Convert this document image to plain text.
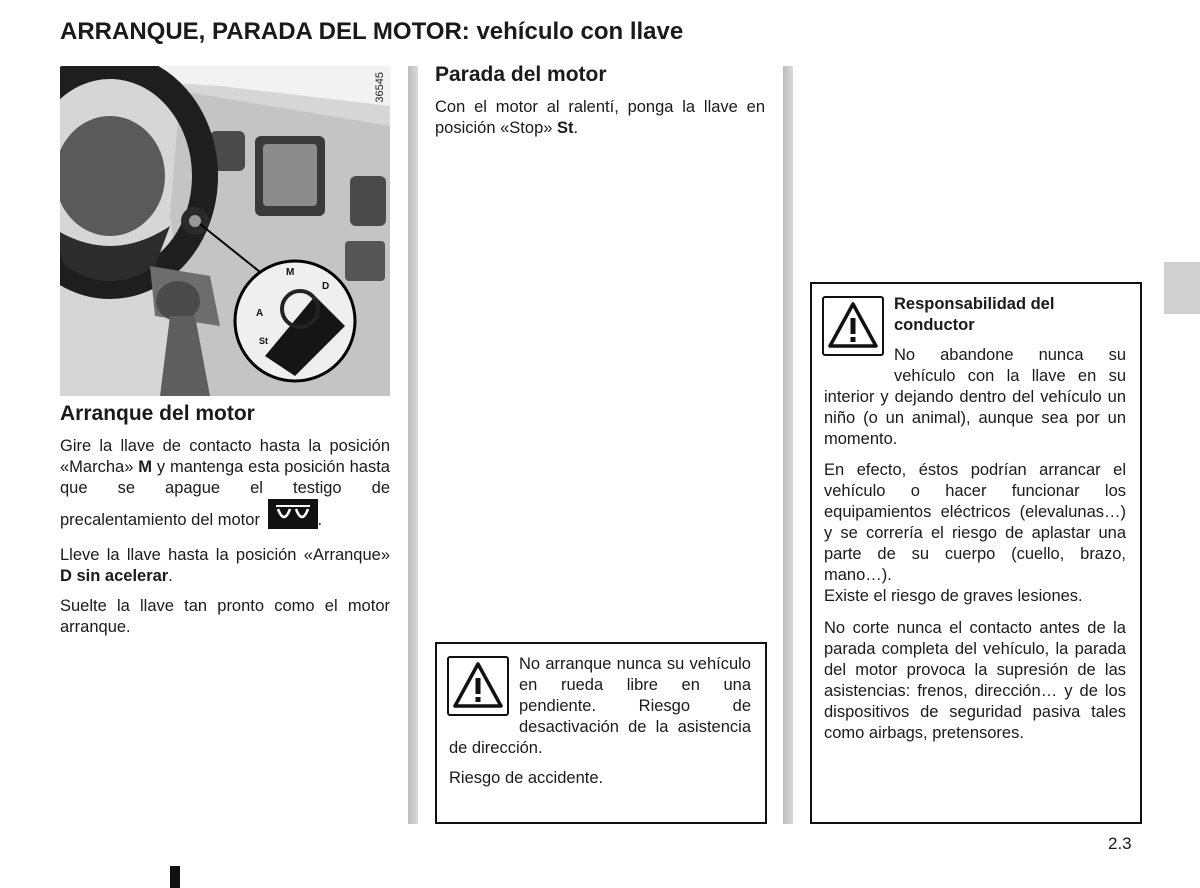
ARRANQUE, PARADA DEL MOTOR: vehículo con llave
M
D
A
St
36545
Arranque del motor

Gire la llave de contacto hasta la posición «Marcha» M y mantenga esta posición hasta que se apague el testigo de precalentamiento del motor	.

Lleve la llave hasta la posición «Arranque» D sin acelerar.

Suelte la llave tan pronto como el motor arranque.

Parada del motor

Con el motor al ralentí, ponga la llave en posición «Stop» St.

No arranque nunca su vehículo en rueda libre en una pendiente. Riesgo de desactivación de la asistencia de dirección.

Riesgo de accidente.

Responsabilidad del conductor

No abandone nunca su vehículo con la llave en su interior y dejando dentro del vehículo un niño (o un animal), aunque sea por un momento.

En efecto, éstos podrían arrancar el vehículo o hacer funcionar los equipamientos eléctricos (elevalunas…) y se correría el riesgo de aplastar una parte de su cuerpo (cuello, brazo, mano…).
Existe el riesgo de graves lesiones.

No corte nunca el contacto antes de la parada completa del vehículo, la parada del motor provoca la supresión de las asistencias: frenos, dirección… y de los dispositivos de seguridad pasiva tales como airbags, pretensores.

2.3
